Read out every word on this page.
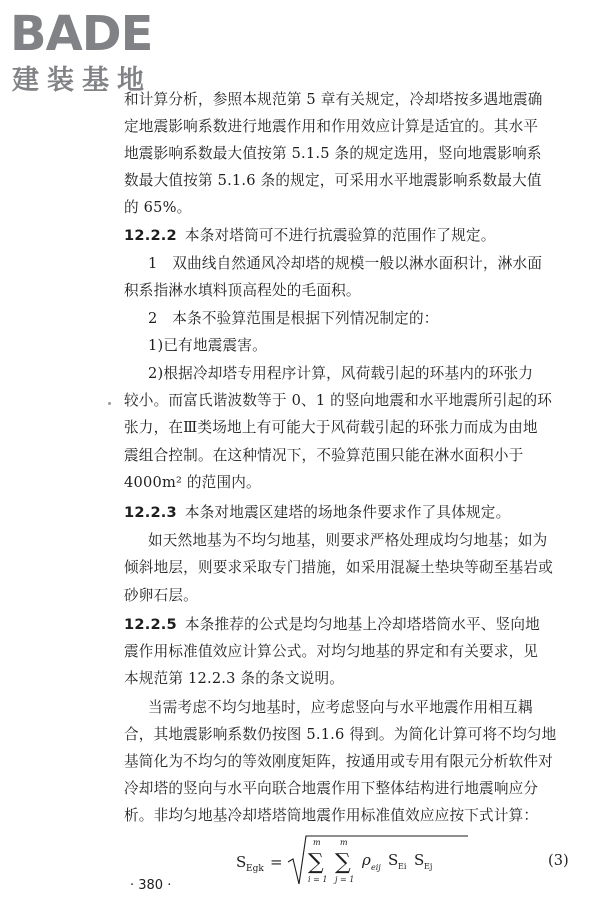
BADE
建装基地
和计算分析，参照本规范第 5 章有关规定，冷却塔按多遇地震确
定地震影响系数进行地震作用和作用效应计算是适宜的。其水平
地震影响系数最大值按第 5.1.5 条的规定选用，竖向地震影响系
数最大值按第 5.1.6 条的规定，可采用水平地震影响系数最大值
的 65%。
12.2.2 本条对塔筒可不进行抗震验算的范围作了规定。
1　双曲线自然通风冷却塔的规模一般以淋水面积计，淋水面
积系指淋水填料顶高程处的毛面积。
2　本条不验算范围是根据下列情况制定的：
1)已有地震震害。
2)根据冷却塔专用程序计算，风荷载引起的环基内的环张力
较小。而富氏谐波数等于 0、1 的竖向地震和水平地震所引起的环
张力，在Ⅲ类场地上有可能大于风荷载引起的环张力而成为由地
震组合控制。在这种情况下，不验算范围只能在淋水面积小于
4000m² 的范围内。
12.2.3 本条对地震区建塔的场地条件要求作了具体规定。
如天然地基为不均匀地基，则要求严格处理成均匀地基；如为
倾斜地层，则要求采取专门措施，如采用混凝土垫块等砌至基岩或
砂卵石层。
12.2.5 本条推荐的公式是均匀地基上冷却塔塔筒水平、竖向地
震作用标准值效应计算公式。对均匀地基的界定和有关要求，见
本规范第 12.2.3 条的条文说明。
当需考虑不均匀地基时，应考虑竖向与水平地震作用相互耦
合，其地震影响系数仍按图 5.1.6 得到。为简化计算可将不均匀地
基简化为不均匀的等效刚度矩阵，按通用或专用有限元分析软件对
冷却塔的竖向与水平向联合地震作用下整体结构进行地震响应分
析。非均匀地基冷却塔塔筒地震作用标准值效应应按下式计算：
S Egk =
m
∑
i = 1
m
∑
j = 1
ρ eij S Ei S Ej	(3)
· 380 ·
